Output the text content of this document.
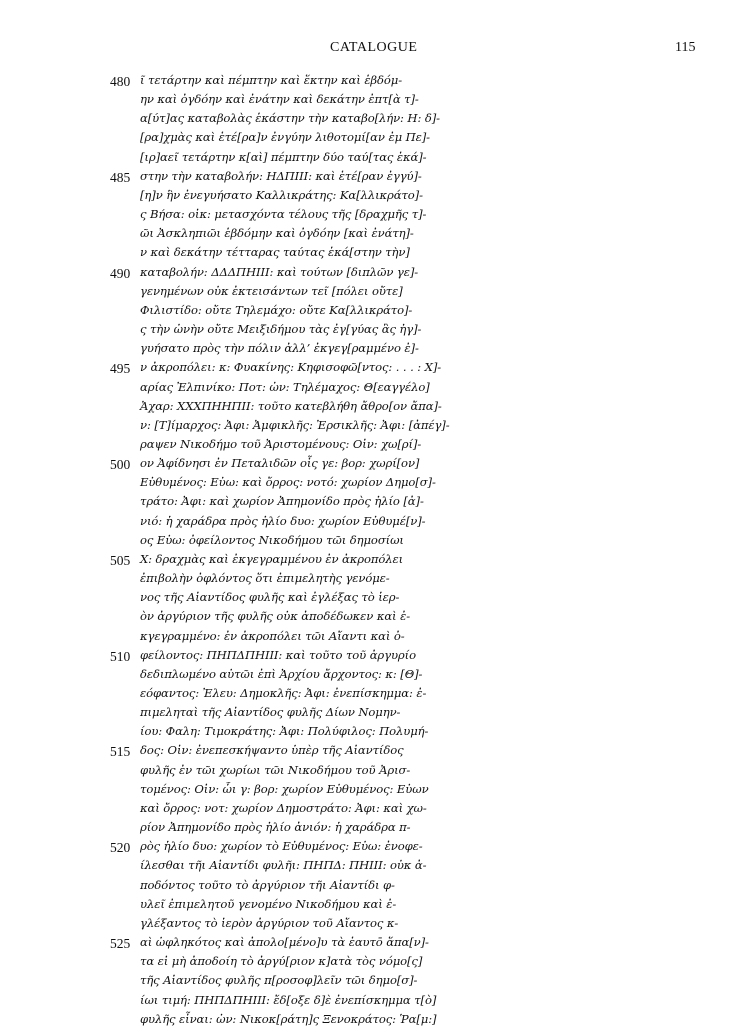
CATALOGUE	115
480 ῖ τετάρτην καὶ πέμπτην καὶ ἕκτην καὶ ἑβδόμ-
ην καὶ ὀγδόην καὶ ἐνάτην καὶ δεκάτην ἐπτ[ὰ τ]-
α[ύτ]ας καταβολὰς ἑκάστην τὴν καταβο[λήν: Η: δ]-
[ρα]χμὰς καὶ ἑτέ[ρα]ν ἐνγύην λιθοτομί[αν ἐμ Πε]-
[ιρ]αεῖ τετάρτην κ[αὶ] πέμπτην δύο ταύ[τας ἑκά]-
485 στην τὴν καταβολήν: ΗΔΠΙΙΙ: καὶ ἑτέ[ραν ἐγγύ]-
[η]ν ἣν ἐνεγυήσατο Καλλικράτης: Κα[λλικράτο]-
ς Βήσα: οἰκ: μετασχόντα τέλους τῆς [δραχμῆς τ]-
ῶι Ἀσκληπιῶι ἑβδόμην καὶ ὀγδόην [καὶ ἐνάτη]-
ν καὶ δεκάτην τέτταρας ταύτας ἑκά[στην τὴν]
490 καταβολήν: ΔΔΔΠΗΙΙΙ: καὶ τούτων [διπλῶν γε]-
γενημένων οὐκ ἐκτεισάντων τεῖ [πόλει οὔτε]
Φιλιστίδο: οὔτε Τηλεμάχο: οὔτε Κα[λλικράτο]-
ς τὴν ὠνὴν οὔτε Μειξιδήμου τὰς ἐγ[γύας ἃς ἠγ]-
γυήσατο πρὸς τὴν πόλιν ἀλλ’ ἐκγεγ[ραμμένο ἐ]-
495 ν ἀκροπόλει: κ: Φυακίνης: Κηφισοφῶ[ντος: . . . : Χ]-
αρίας Ἐλπινίκο: Ποτ: ὠν: Τηλέμαχος: Θ[εαγγέλο]
Ἀχαρ: ΧΧΧΠΗΗΠΙΙ: τοῦτο κατεβλήθη ἄθρο[ον ἄπα]-
ν: [Τ]ίμαρχος: Ἀφι: Ἀμφικλῆς: Ἐρσικλῆς: Ἀφι: [ἀπέγ]-
ραψεν Νικοδήμο τοῦ Ἀριστομένους: Οἰν: χω[ρί]-
500 ον Ἀφίδνησι ἐν Πεταλιδῶν οἷς γε: βορ: χωρί[ον]
Εὐθυμένος: Εὐω: καὶ ὄρρος: νοτό: χωρίον Δημο[σ]-
τράτο: Ἀφι: καὶ χωρίον Ἀπημονίδο πρὸς ἡλίο [ἀ]-
νιό: ἡ χαράδρα πρὸς ἡλίο δυο: χωρίον Εὐθυμέ[ν]-
ος Εὐω: ὀφείλοντος Νικοδήμου τῶι δημοσίωι
505 Χ: δραχμὰς καὶ ἐκγεγραμμένου ἐν ἀκροπόλει
ἐπιβολὴν ὀφλόντος ὅτι ἐπιμελητὴς γενόμε-
νος τῆς Αἰαντίδος φυλῆς καὶ ἐγλέξας τὸ ἱερ-
ὸν ἀργύριον τῆς φυλῆς οὐκ ἀποδέδωκεν καὶ ἐ-
κγεγραμμένο: ἐν ἀκροπόλει τῶι Αἴαντι καὶ ὀ-
510 φείλοντος: ΠΗΠΔΠΗΙΙΙ: καὶ τοῦτο τοῦ ἀργυρίο
δεδιπλωμένο αὐτῶι ἐπὶ Ἀρχίου ἄρχοντος: κ: [Θ]-
εόφαντος: Ἐλευ: Δημοκλῆς: Ἀφι: ἐνεπίσκημμα: ἐ-
πιμεληταὶ τῆς Αἰαντίδος φυλῆς Δίων Νομην-
ίου: Φαλη: Τιμοκράτης: Ἀφι: Πολύφιλος: Πολυμή-
515 δος: Οἰν: ἐνεπεσκήψαντο ὑπὲρ τῆς Αἰαντίδος
φυλῆς ἐν τῶι χωρίωι τῶι Νικοδήμου τοῦ Ἀρισ-
τομένος: Οἰν: ὧι γ: βορ: χωρίον Εὐθυμένος: Εὐων
καὶ ὄρρος: νοτ: χωρίον Δημοστράτο: Ἀφι: καὶ χω-
ρίον Ἀπημονίδο πρὸς ἡλίο ἀνιόν: ἡ χαράδρα π-
520 ρὸς ἡλίο δυο: χωρίον τὸ Εὐθυμένος: Εὐω: ἐνοφε-
ίλεσθαι τῆι Αἰαντίδι φυλῆι: ΠΗΠΔ: ΠΗΙΙΙ: οὐκ ἀ-
ποδόντος τοῦτο τὸ ἀργύριον τῆι Αἰαντίδι φ-
υλεῖ ἐπιμελητοῦ γενομένο Νικοδήμου καὶ ἐ-
γλέξαντος τὸ ἱερὸν ἀργύριον τοῦ Αἴαντος κ-
525 αὶ ὠφληκότος καὶ ἀπολο[μένο]υ τὰ ἑαυτō ἅπα[ν]-
τα εἰ μὴ ἀποδοίη τὸ ἀργύ[ριον κ]ατὰ τὸς νόμο[ς]
τῆς Αἰαντίδος φυλῆς π[ροσοφ]λεῖν τῶι δημο[σ]-
ίωι τιμή: ΠΗΠΔΠΗΙΙΙ: ἔδ[οξε δ]ὲ ἐνεπίσκημμα τ[ὸ]
φυλῆς εἶναι: ὠν: Νικοκ[ράτη]ς Ξενοκράτος: Ῥα[μ:]
